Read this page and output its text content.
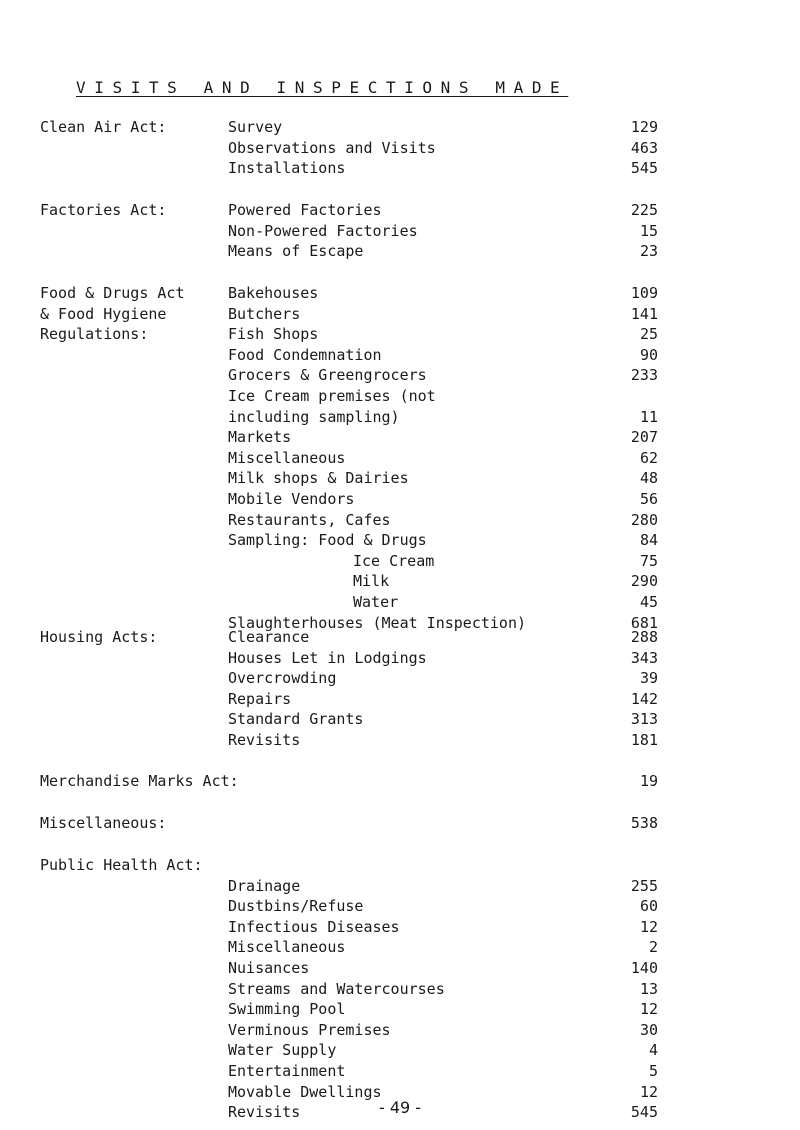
VISITS AND INSPECTIONS MADE
Clean Air Act:	Survey	129
Observations and Visits	463
Installations	545
Factories Act:	Powered Factories	225
Non-Powered Factories	15
Means of Escape	23
Food & Drugs Act	Bakehouses	109
& Food Hygiene	Butchers	141
Regulations:	Fish Shops	25
Food Condemnation	90
Grocers & Greengrocers	233
Ice Cream premises (not
including sampling)	11
Markets	207
Miscellaneous	62
Milk shops & Dairies	48
Mobile Vendors	56
Restaurants, Cafes	280
Sampling: Food & Drugs	84
Ice Cream	75
Milk	290
Water	45
Slaughterhouses (Meat Inspection)	681
Housing Acts:	Clearance	288
Houses Let in Lodgings	343
Overcrowding	39
Repairs	142
Standard Grants	313
Revisits	181
Merchandise Marks Act:	19
Miscellaneous:	538
Public Health Act:
Drainage	255
Dustbins/Refuse	60
Infectious Diseases	12
Miscellaneous	2
Nuisances	140
Streams and Watercourses	13
Swimming Pool	12
Verminous Premises	30
Water Supply	4
Entertainment	5
Movable Dwellings	12
Revisits	545
- 49 -
